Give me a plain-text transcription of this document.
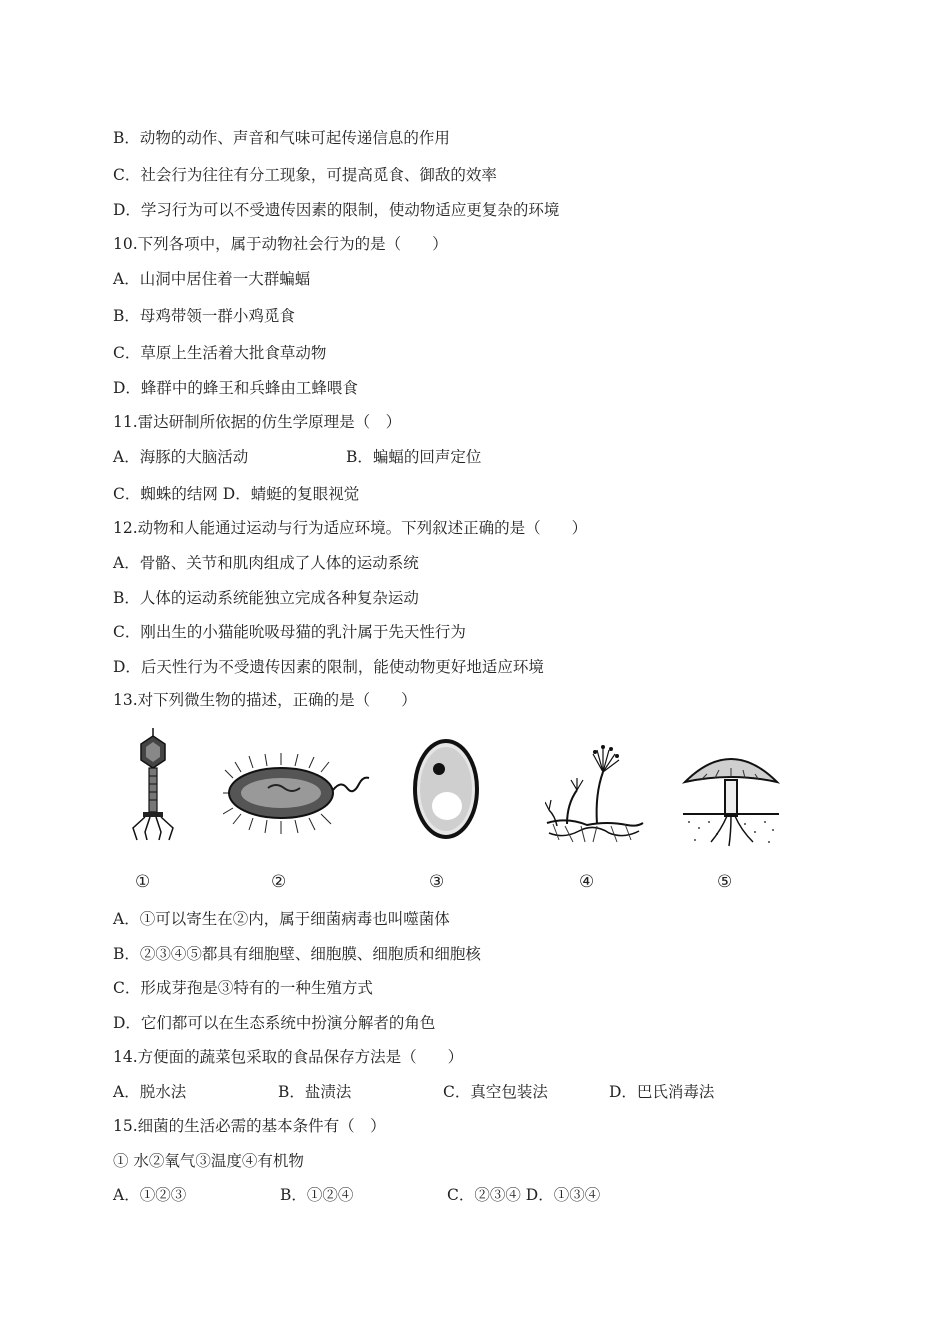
B．动物的动作、声音和气味可起传递信息的作用
C．社会行为往往有分工现象，可提高觅食、御敌的效率
D．学习行为可以不受遗传因素的限制，使动物适应更复杂的环境
10.下列各项中，属于动物社会行为的是（　　）
A．山洞中居住着一大群蝙蝠
B．母鸡带领一群小鸡觅食
C．草原上生活着大批食草动物
D．蜂群中的蜂王和兵蜂由工蜂喂食
11.雷达研制所依据的仿生学原理是（　）
A．海豚的大脑活动	B．蝙蝠的回声定位
C．蜘蛛的结网 D．蜻蜓的复眼视觉
12.动物和人能通过运动与行为适应环境。下列叙述正确的是（　　）
A．骨骼、关节和肌肉组成了人体的运动系统
B．人体的运动系统能独立完成各种复杂运动
C．刚出生的小猫能吮吸母猫的乳汁属于先天性行为
D．后天性行为不受遗传因素的限制，能使动物更好地适应环境
13.对下列微生物的描述，正确的是（　　）
①	②	③	④	⑤
A．①可以寄生在②内，属于细菌病毒也叫噬菌体
B．②③④⑤都具有细胞壁、细胞膜、细胞质和细胞核
C．形成芽孢是③特有的一种生殖方式
D．它们都可以在生态系统中扮演分解者的角色
14.方便面的蔬菜包采取的食品保存方法是（　　）
A．脱水法	B．盐渍法	C．真空包装法	D．巴氏消毒法
15.细菌的生活必需的基本条件有（　）
① 水②氧气③温度④有机物
A．①②③	B．①②④	C．②③④ D．①③④
